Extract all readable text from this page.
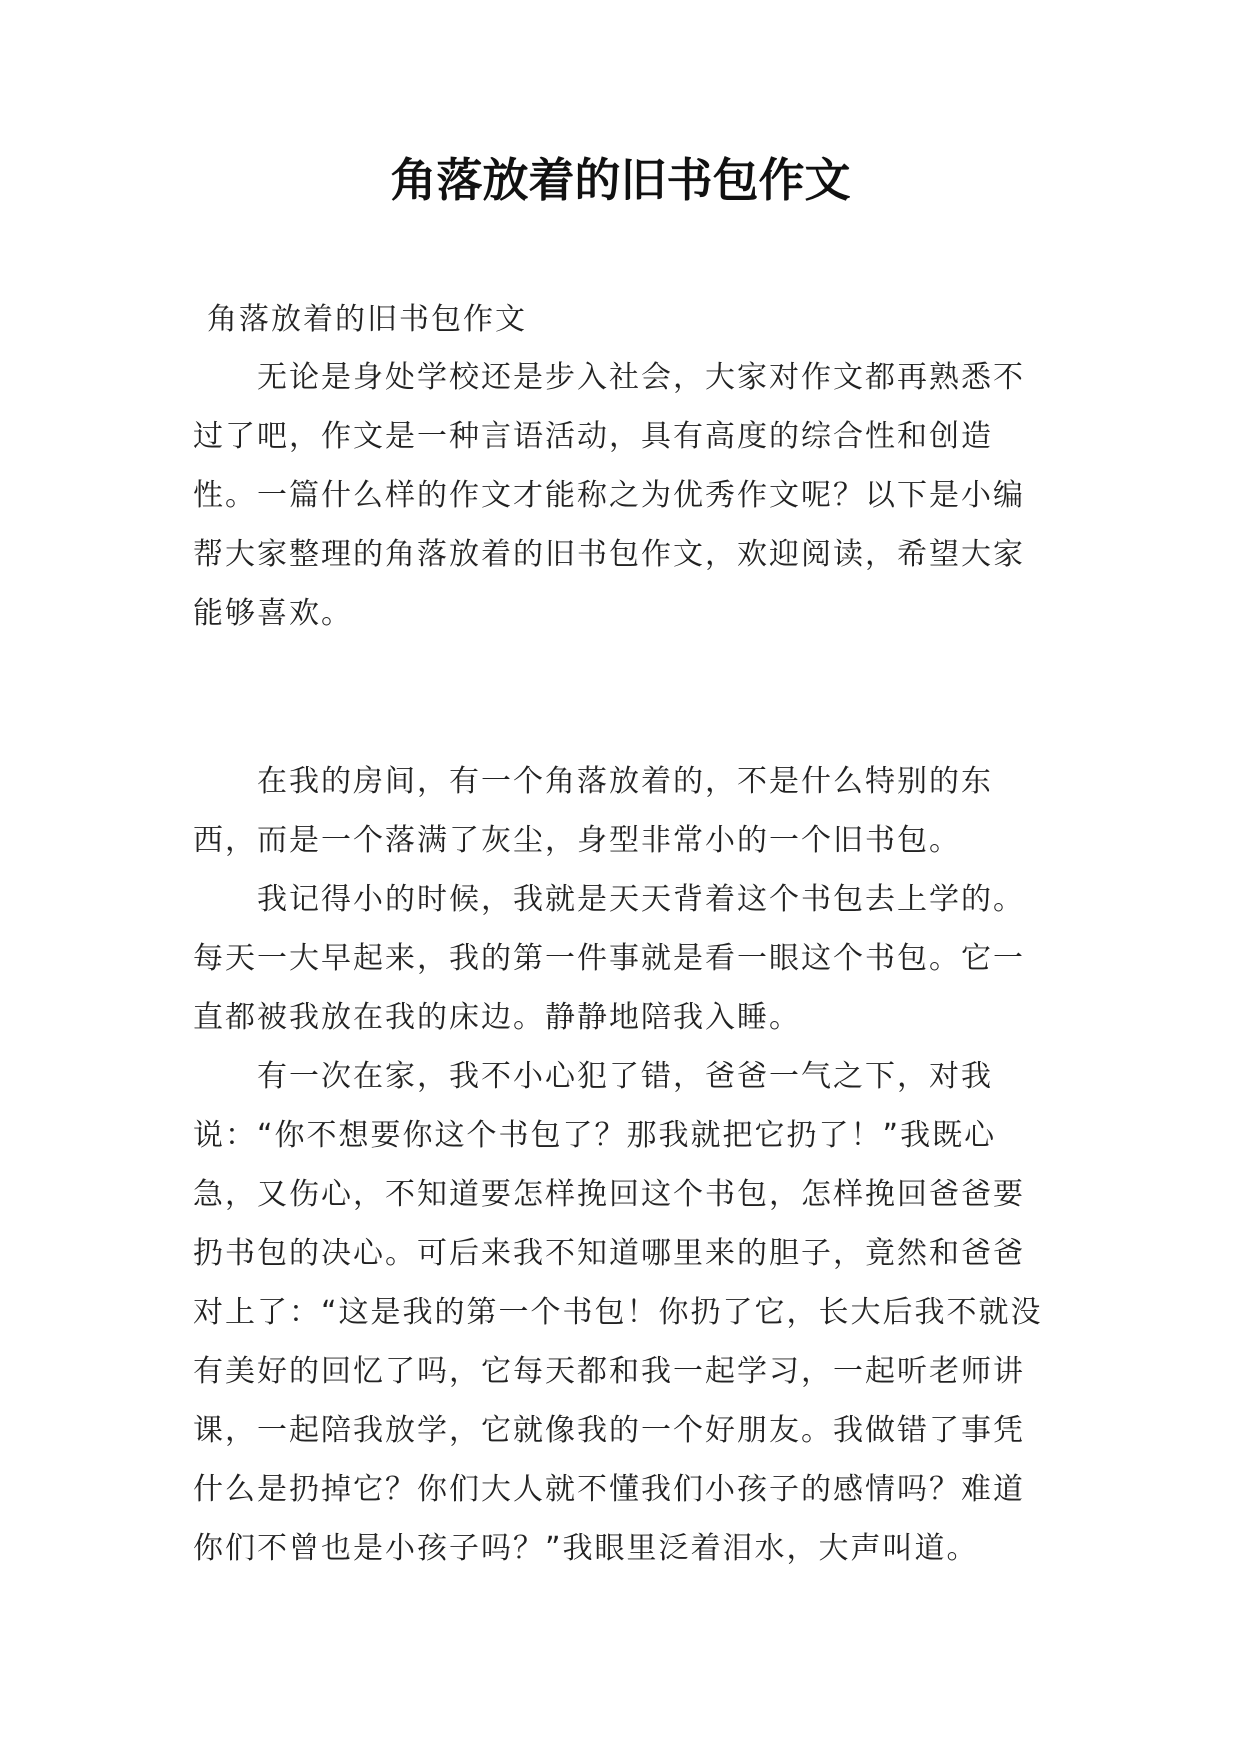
角落放着的旧书包作文

角落放着的旧书包作文

无论是身处学校还是步入社会，大家对作文都再熟悉不过了吧，作文是一种言语活动，具有高度的综合性和创造性。一篇什么样的作文才能称之为优秀作文呢？以下是小编帮大家整理的角落放着的旧书包作文，欢迎阅读，希望大家能够喜欢。

在我的房间，有一个角落放着的，不是什么特别的东西，而是一个落满了灰尘，身型非常小的一个旧书包。

我记得小的时候，我就是天天背着这个书包去上学的。每天一大早起来，我的第一件事就是看一眼这个书包。它一直都被我放在我的床边。静静地陪我入睡。

有一次在家，我不小心犯了错，爸爸一气之下，对我说：“你不想要你这个书包了？那我就把它扔了！”我既心急，又伤心，不知道要怎样挽回这个书包，怎样挽回爸爸要扔书包的决心。可后来我不知道哪里来的胆子，竟然和爸爸对上了：“这是我的第一个书包！你扔了它，长大后我不就没有美好的回忆了吗，它每天都和我一起学习，一起听老师讲课，一起陪我放学，它就像我的一个好朋友。我做错了事凭什么是扔掉它？你们大人就不懂我们小孩子的感情吗？难道你们不曾也是小孩子吗？”我眼里泛着泪水，大声叫道。
